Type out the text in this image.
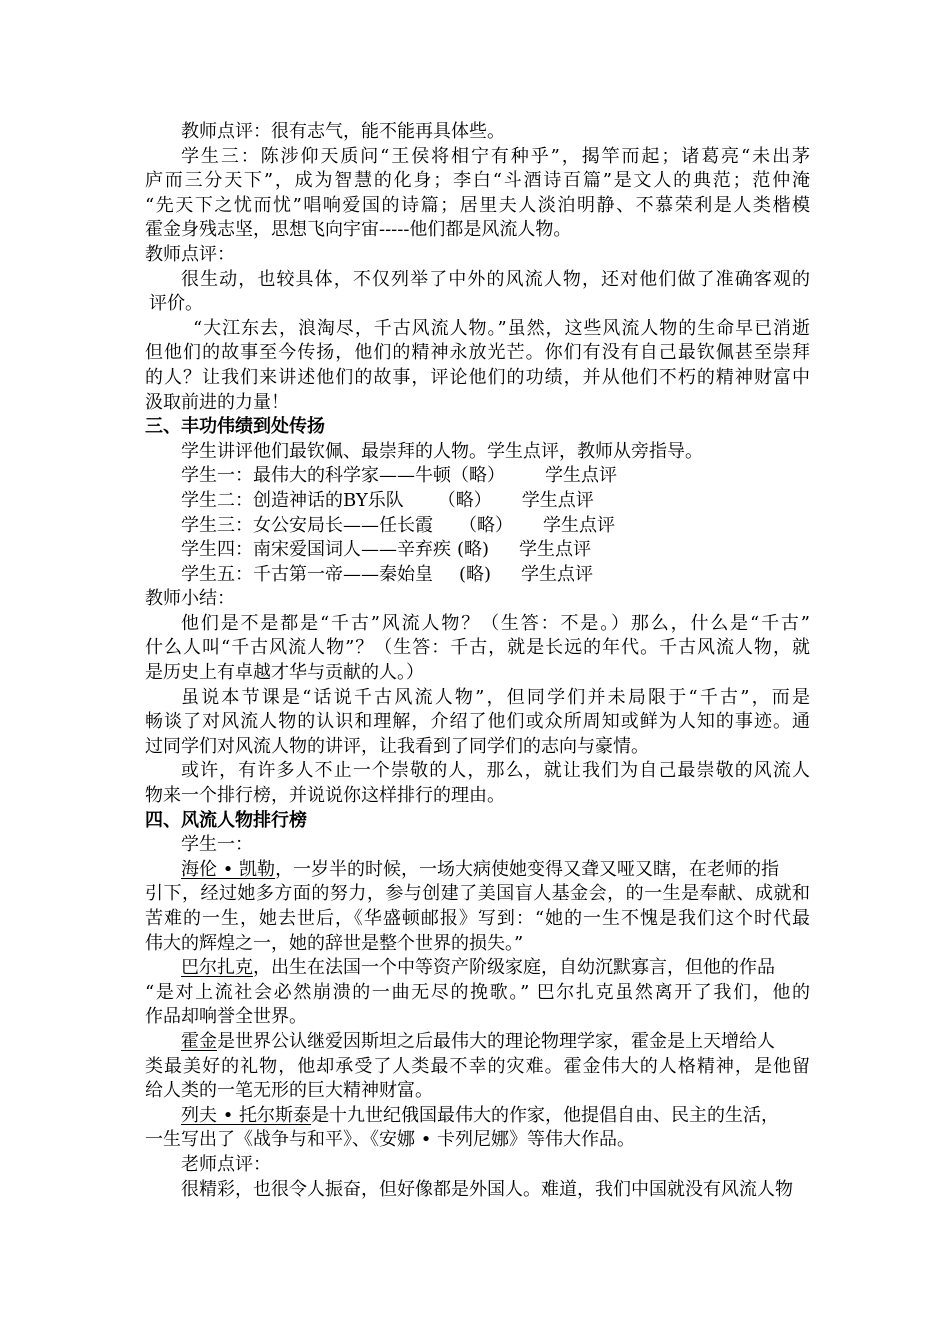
教师点评：很有志气，能不能再具体些。
学生三：陈涉仰天质问“王侯将相宁有种乎”，揭竿而起；诸葛亮“未出茅
庐而三分天下”，成为智慧的化身；李白“斗酒诗百篇”是文人的典范；范仲淹
“先天下之忧而忧”唱响爱国的诗篇；居里夫人淡泊明静、不慕荣利是人类楷模
霍金身残志坚，思想飞向宇宙-----他们都是风流人物。
教师点评：
很生动，也较具体，不仅列举了中外的风流人物，还对他们做了准确客观的
评价。
“大江东去，浪淘尽，千古风流人物。”虽然，这些风流人物的生命早已消逝
但他们的故事至今传扬，他们的精神永放光芒。你们有没有自己最钦佩甚至崇拜
的人？让我们来讲述他们的故事，评论他们的功绩，并从他们不朽的精神财富中
汲取前进的力量！
三、丰功伟绩到处传扬
学生讲评他们最钦佩、最崇拜的人物。学生点评，教师从旁指导。
学生一：最伟大的科学家——牛顿（略） 学生点评
学生二：创造神话的BY乐队 （略） 学生点评
学生三：女公安局长——任长霞 （略） 学生点评
学生四：南宋爱国词人——辛弃疾 (略) 学生点评
学生五：千古第一帝——秦始皇 (略) 学生点评
教师小结：
他们是不是都是“千古”风流人物？（生答：不是。）那么，什么是“千古”
什么人叫“千古风流人物”？（生答：千古，就是长远的年代。千古风流人物，就
是历史上有卓越才华与贡献的人。）
虽说本节课是“话说千古风流人物”，但同学们并未局限于“千古”，而是
畅谈了对风流人物的认识和理解，介绍了他们或众所周知或鲜为人知的事迹。通
过同学们对风流人物的讲评，让我看到了同学们的志向与豪情。
或许，有许多人不止一个崇敬的人，那么，就让我们为自己最崇敬的风流人
物来一个排行榜，并说说你这样排行的理由。
四、风流人物排行榜
学生一：
海伦 • 凯勒，一岁半的时候，一场大病使她变得又聋又哑又瞎，在老师的指
引下，经过她多方面的努力，参与创建了美国盲人基金会，的一生是奉献、成就和
苦难的一生，她去世后，《华盛顿邮报》写到：“她的一生不愧是我们这个时代最
伟大的辉煌之一，她的辞世是整个世界的损失。”
巴尔扎克，出生在法国一个中等资产阶级家庭，自幼沉默寡言，但他的作品
“是对上流社会必然崩溃的一曲无尽的挽歌。” 巴尔扎克虽然离开了我们，他的
作品却响誉全世界。
霍金是世界公认继爱因斯坦之后最伟大的理论物理学家，霍金是上天增给人
类最美好的礼物，他却承受了人类最不幸的灾难。霍金伟大的人格精神，是他留
给人类的一笔无形的巨大精神财富。
列夫 • 托尔斯泰是十九世纪俄国最伟大的作家，他提倡自由、民主的生活，
一生写出了《战争与和平》、《安娜 • 卡列尼娜》等伟大作品。
老师点评：
很精彩，也很令人振奋，但好像都是外国人。难道，我们中国就没有风流人物
